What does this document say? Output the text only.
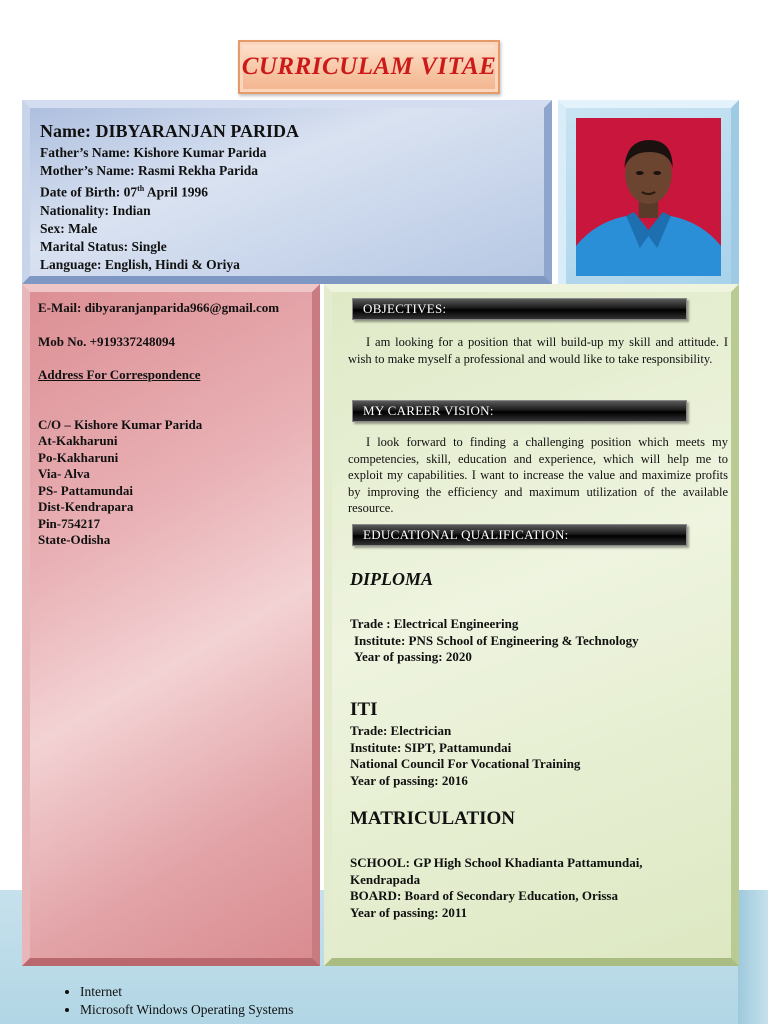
CURRICULAM VITAE
Name: DIBYARANJAN PARIDA
Father’s Name: Kishore Kumar Parida
Mother’s Name: Rasmi Rekha Parida
Date of Birth: 07th April 1996
Nationality: Indian
Sex: Male
Marital Status: Single
Language: English, Hindi & Oriya
E-Mail: dibyaranjanparida966@gmail.com
Mob No. +919337248094
Address For Correspondence
C/O – Kishore Kumar Parida
At-Kakharuni
Po-Kakharuni
Via- Alva
PS- Pattamundai
Dist-Kendrapara
Pin-754217
State-Odisha
OBJECTIVES:
I am looking for a position that will build-up my skill and attitude. I wish to make myself a professional and would like to take responsibility.
MY CAREER VISION:
I look forward to finding a challenging position which meets my competencies, skill, education and experience, which will help me to exploit my capabilities. I want to increase the value and maximize profits by improving the efficiency and maximum utilization of the available resource.
EDUCATIONAL QUALIFICATION:
DIPLOMA
Trade : Electrical Engineering
Institute: PNS School of Engineering & Technology
Year of passing: 2020
ITI
Trade: Electrician
Institute: SIPT, Pattamundai
National Council For Vocational Training
Year of passing: 2016
MATRICULATION
SCHOOL: GP High School Khadianta Pattamundai,
Kendrapada
BOARD: Board of Secondary Education, Orissa
Year of passing: 2011
• Internet
• Microsoft Windows Operating Systems
